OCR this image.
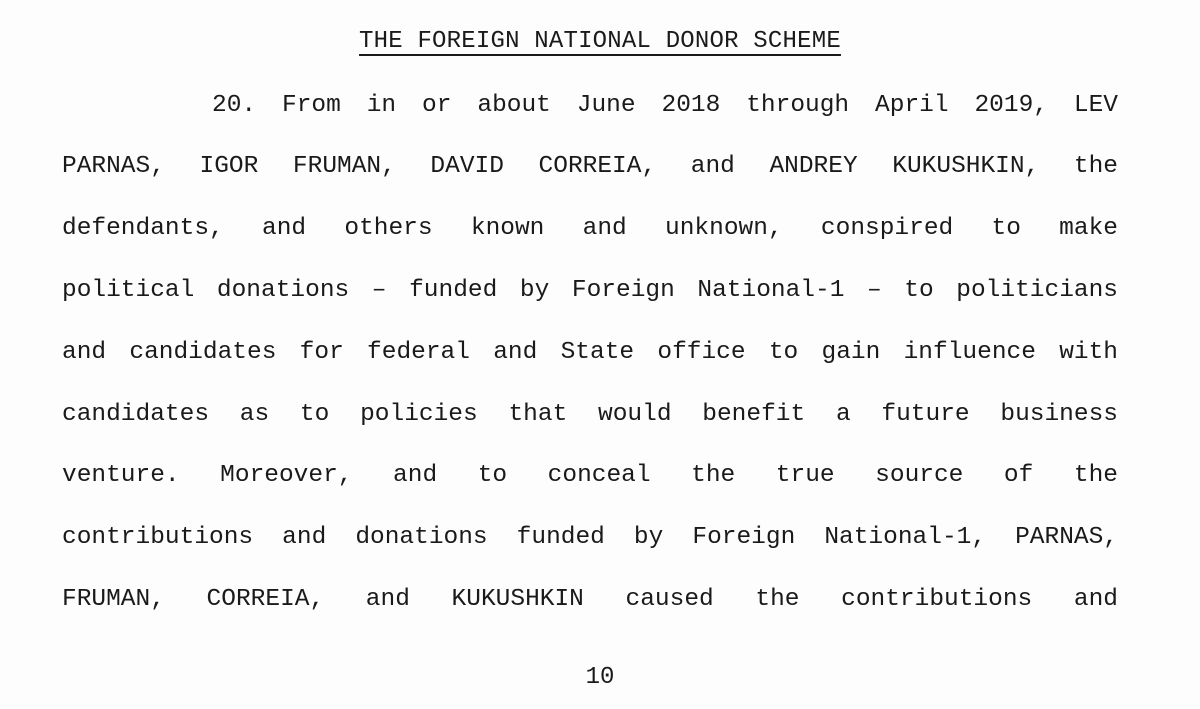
THE FOREIGN NATIONAL DONOR SCHEME
20. From in or about June 2018 through April 2019, LEV
PARNAS, IGOR FRUMAN, DAVID CORREIA, and ANDREY KUKUSHKIN, the
defendants, and others known and unknown, conspired to make
political donations – funded by Foreign National-1 – to politicians
and candidates for federal and State office to gain influence with
candidates as to policies that would benefit a future business
venture. Moreover, and to conceal the true source of the
contributions and donations funded by Foreign National-1, PARNAS,
FRUMAN, CORREIA, and KUKUSHKIN caused the contributions and
10
